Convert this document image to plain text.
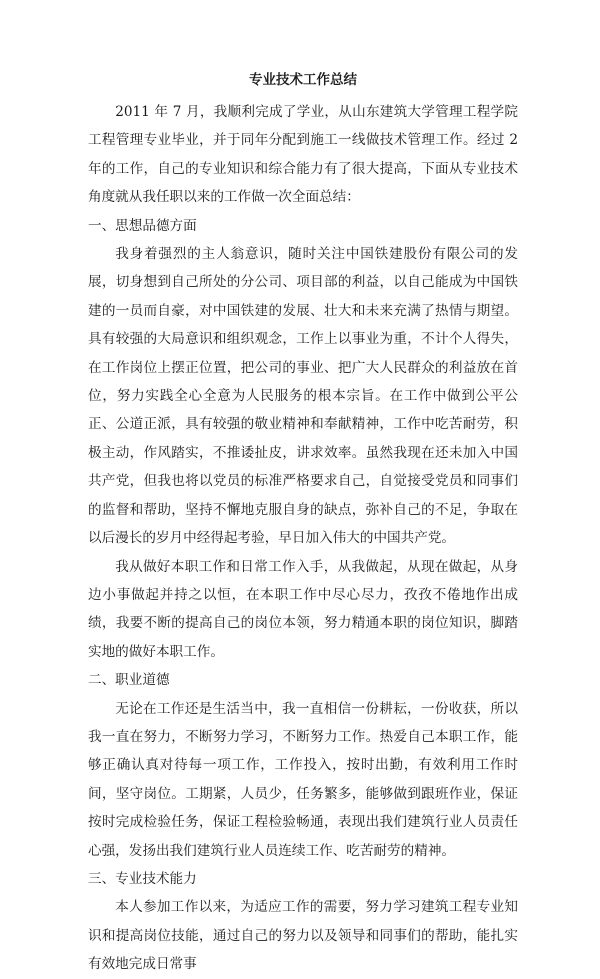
专业技术工作总结

2011 年 7 月，我顺利完成了学业，从山东建筑大学管理工程学院工程管理专业毕业，并于同年分配到施工一线做技术管理工作。经过 2 年的工作，自己的专业知识和综合能力有了很大提高，下面从专业技术角度就从我任职以来的工作做一次全面总结：

一、思想品德方面

我身着强烈的主人翁意识，随时关注中国铁建股份有限公司的发展，切身想到自己所处的分公司、项目部的利益，以自己能成为中国铁建的一员而自豪，对中国铁建的发展、壮大和未来充满了热情与期望。具有较强的大局意识和组织观念，工作上以事业为重，不计个人得失，在工作岗位上摆正位置，把公司的事业、把广大人民群众的利益放在首位，努力实践全心全意为人民服务的根本宗旨。在工作中做到公平公正、公道正派，具有较强的敬业精神和奉献精神，工作中吃苦耐劳，积极主动，作风踏实，不推诿扯皮，讲求效率。虽然我现在还未加入中国共产党，但我也将以党员的标准严格要求自己，自觉接受党员和同事们的监督和帮助，坚持不懈地克服自身的缺点，弥补自己的不足，争取在以后漫长的岁月中经得起考验，早日加入伟大的中国共产党。

我从做好本职工作和日常工作入手，从我做起，从现在做起，从身边小事做起并持之以恒，在本职工作中尽心尽力，孜孜不倦地作出成绩，我要不断的提高自己的岗位本领，努力精通本职的岗位知识，脚踏实地的做好本职工作。

二、职业道德

无论在工作还是生活当中，我一直相信一份耕耘，一份收获，所以我一直在努力，不断努力学习，不断努力工作。热爱自己本职工作，能够正确认真对待每一项工作，工作投入，按时出勤，有效利用工作时间，坚守岗位。工期紧，人员少，任务繁多，能够做到跟班作业，保证按时完成检验任务，保证工程检验畅通，表现出我们建筑行业人员责任心强，发扬出我们建筑行业人员连续工作、吃苦耐劳的精神。

三、专业技术能力

本人参加工作以来，为适应工作的需要，努力学习建筑工程专业知识和提高岗位技能，通过自己的努力以及领导和同事们的帮助，能扎实有效地完成日常事
